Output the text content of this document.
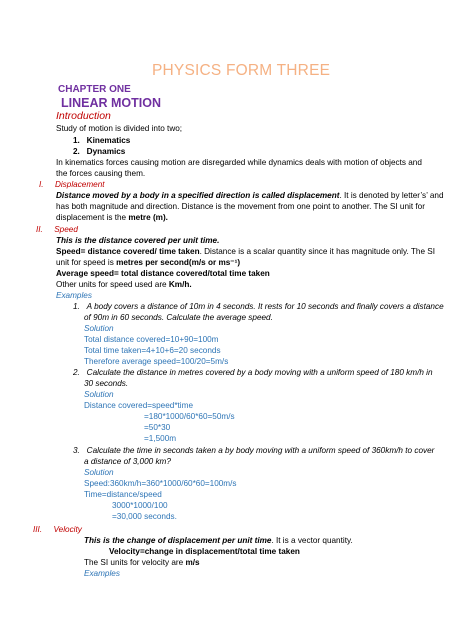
PHYSICS FORM THREE
CHAPTER ONE
LINEAR MOTION
Introduction
Study of motion is divided into two;
1. Kinematics
2. Dynamics
In kinematics forces causing motion are disregarded while dynamics deals with motion of objects and
the forces causing them.
I. Displacement
Distance moved by a body in a specified direction is called displacement. It is denoted by letter’s’ and
has both magnitude and direction. Distance is the movement from one point to another. The SI unit for
displacement is the metre (m).
II. Speed
This is the distance covered per unit time.
Speed= distance covered/ time taken. Distance is a scalar quantity since it has magnitude only. The SI
unit for speed is metres per second(m/s or ms⁻¹)
Average speed= total distance covered/total time taken
Other units for speed used are Km/h.
Examples
1. A body covers a distance of 10m in 4 seconds. It rests for 10 seconds and finally covers a distance
of 90m in 60 seconds. Calculate the average speed.
Solution
Total distance covered=10+90=100m
Total time taken=4+10+6=20 seconds
Therefore average speed=100/20=5m/s
2. Calculate the distance in metres covered by a body moving with a uniform speed of 180 km/h in
30 seconds.
Solution
Distance covered=speed*time
=180*1000/60*60=50m/s
=50*30
=1,500m
3. Calculate the time in seconds taken a by body moving with a uniform speed of 360km/h to cover
a distance of 3,000 km?
Solution
Speed:360km/h=360*1000/60*60=100m/s
Time=distance/speed
3000*1000/100
=30,000 seconds.
III. Velocity
This is the change of displacement per unit time. It is a vector quantity.
Velocity=change in displacement/total time taken
The SI units for velocity are m/s
Examples
